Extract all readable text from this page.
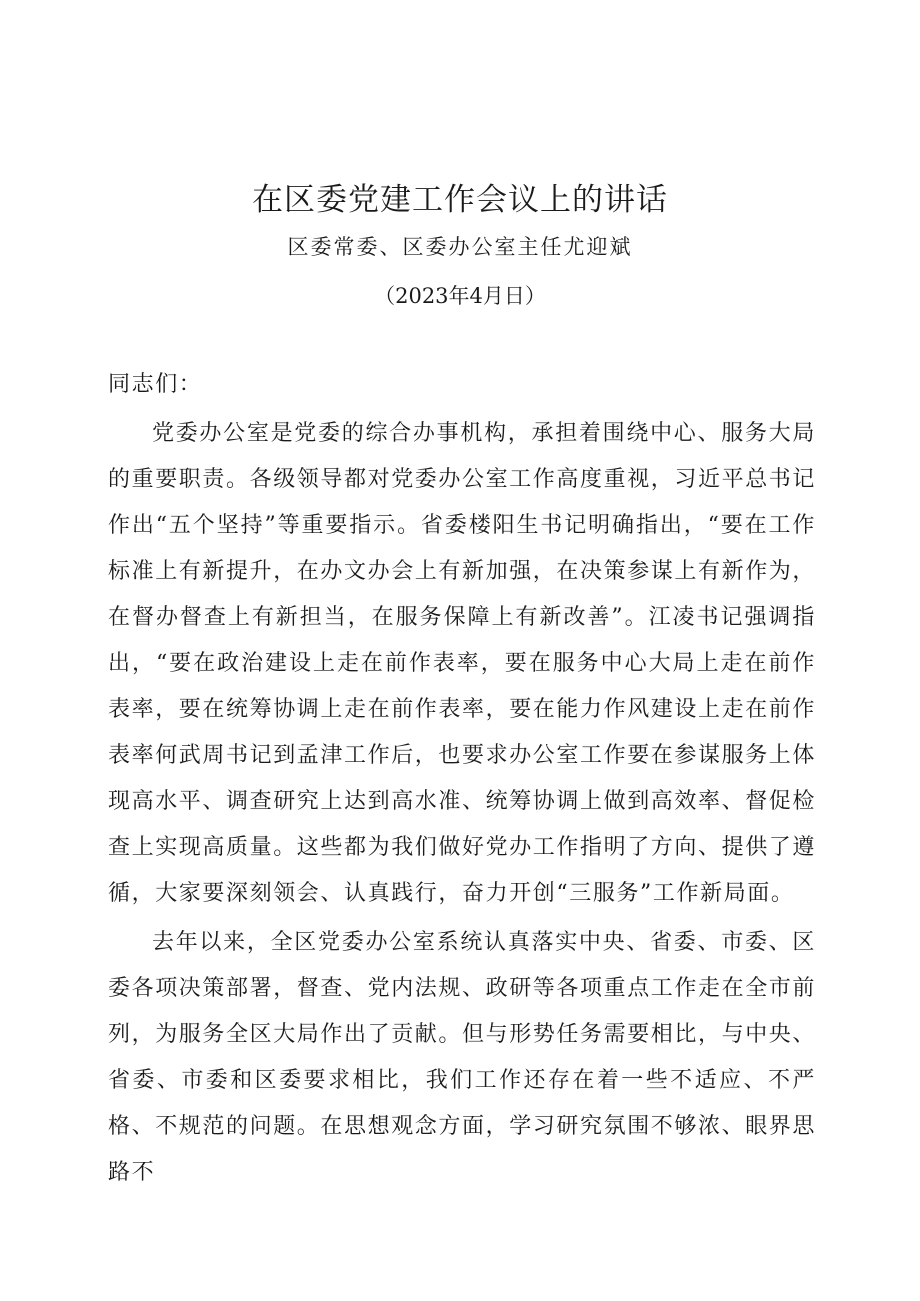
在区委党建工作会议上的讲话

区委常委、区委办公室主任尤迎斌

（2023年4月日）

同志们：

党委办公室是党委的综合办事机构，承担着围绕中心、服务大局的重要职责。各级领导都对党委办公室工作高度重视，习近平总书记作出“五个坚持”等重要指示。省委楼阳生书记明确指出，“要在工作标准上有新提升，在办文办会上有新加强，在决策参谋上有新作为，在督办督查上有新担当，在服务保障上有新改善”。江凌书记强调指出，“要在政治建设上走在前作表率，要在服务中心大局上走在前作表率，要在统筹协调上走在前作表率，要在能力作风建设上走在前作表率何武周书记到孟津工作后，也要求办公室工作要在参谋服务上体现高水平、调查研究上达到高水准、统筹协调上做到高效率、督促检查上实现高质量。这些都为我们做好党办工作指明了方向、提供了遵循，大家要深刻领会、认真践行，奋力开创“三服务”工作新局面。

去年以来，全区党委办公室系统认真落实中央、省委、市委、区委各项决策部署，督查、党内法规、政研等各项重点工作走在全市前列，为服务全区大局作出了贡献。但与形势任务需要相比，与中央、省委、市委和区委要求相比，我们工作还存在着一些不适应、不严格、不规范的问题。在思想观念方面，学习研究氛围不够浓、眼界思路不
